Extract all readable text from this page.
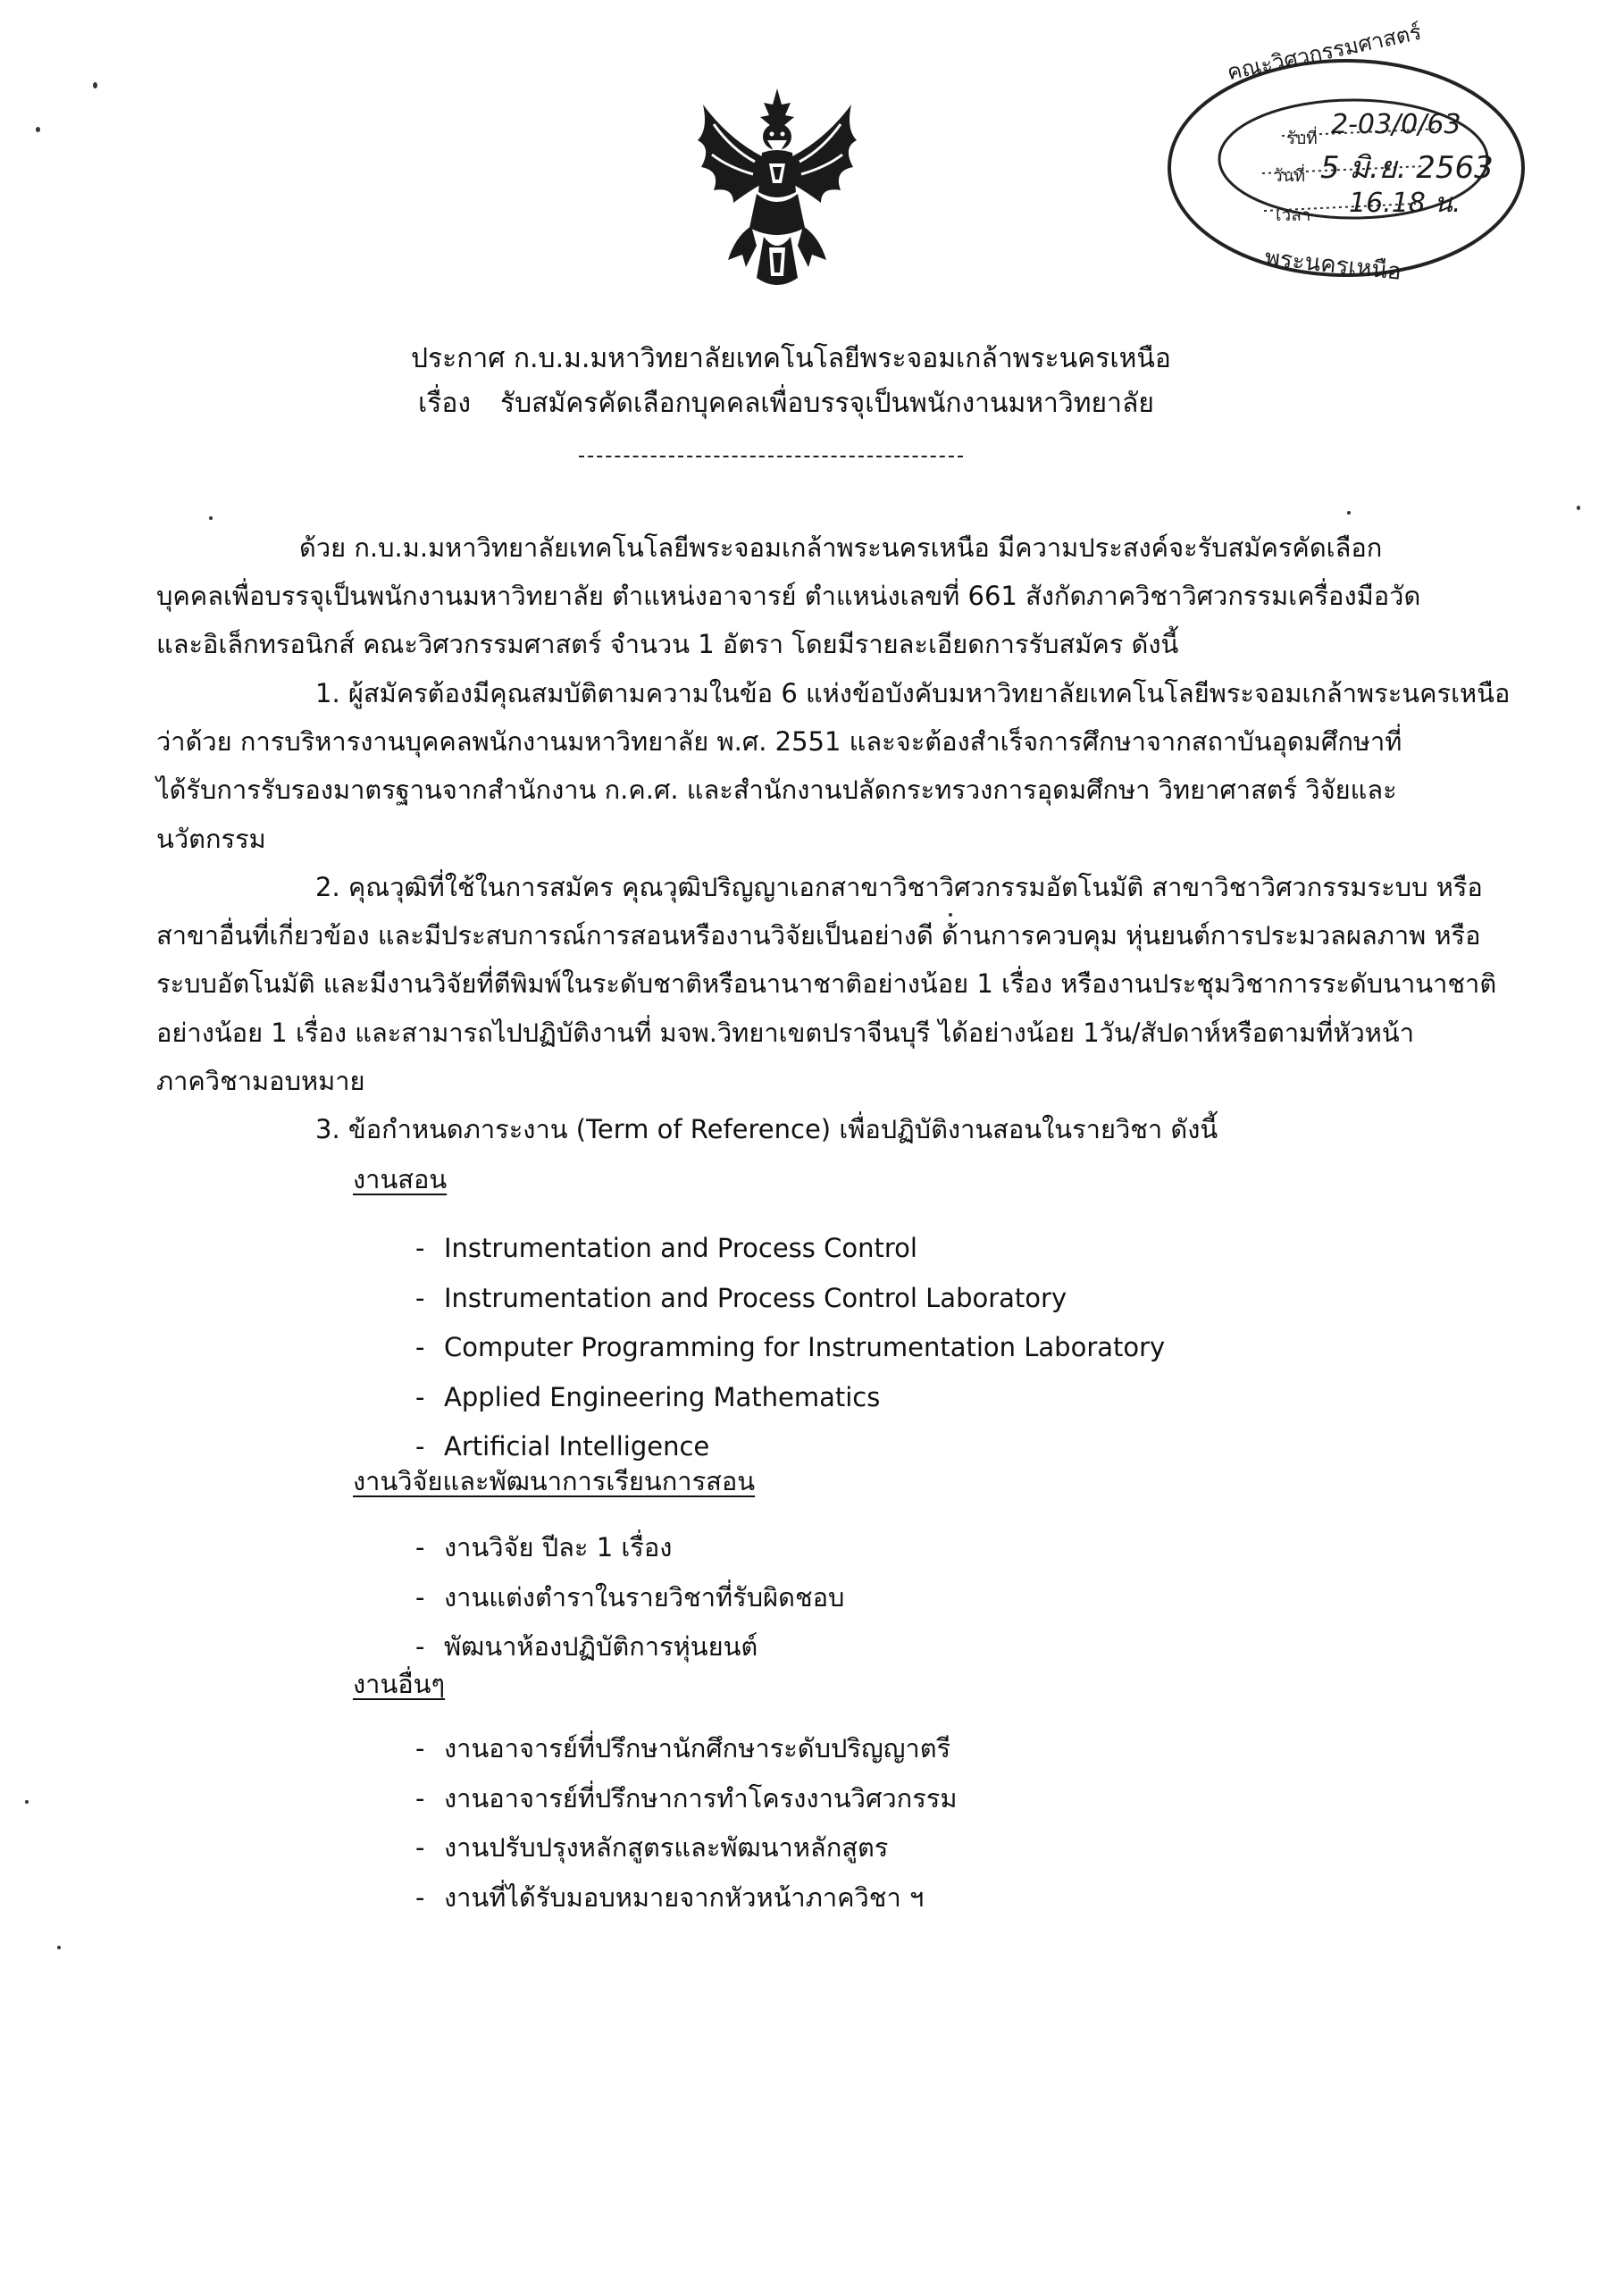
คณะวิศวกรรมศาสตร์
รับที่ 2-03/0/63
วันที่ 5 มิ.ย. 2563
เวลา 16.18 น.
พระนครเหนือ
ประกาศ ก.บ.ม.มหาวิทยาลัยเทคโนโลยีพระจอมเกล้าพระนครเหนือ
เรื่อง รับสมัครคัดเลือกบุคคลเพื่อบรรจุเป็นพนักงานมหาวิทยาลัย
ด้วย ก.บ.ม.มหาวิทยาลัยเทคโนโลยีพระจอมเกล้าพระนครเหนือ มีความประสงค์จะรับสมัครคัดเลือก
บุคคลเพื่อบรรจุเป็นพนักงานมหาวิทยาลัย ตำแหน่งอาจารย์ ตำแหน่งเลขที่ 661 สังกัดภาควิชาวิศวกรรมเครื่องมือวัด
และอิเล็กทรอนิกส์ คณะวิศวกรรมศาสตร์ จำนวน 1 อัตรา โดยมีรายละเอียดการรับสมัคร ดังนี้
1. ผู้สมัครต้องมีคุณสมบัติตามความในข้อ 6 แห่งข้อบังคับมหาวิทยาลัยเทคโนโลยีพระจอมเกล้าพระนครเหนือ
ว่าด้วย การบริหารงานบุคคลพนักงานมหาวิทยาลัย พ.ศ. 2551 และจะต้องสำเร็จการศึกษาจากสถาบันอุดมศึกษาที่
ได้รับการรับรองมาตรฐานจากสำนักงาน ก.ค.ศ. และสำนักงานปลัดกระทรวงการอุดมศึกษา วิทยาศาสตร์ วิจัยและ
นวัตกรรม
2. คุณวุฒิที่ใช้ในการสมัคร คุณวุฒิปริญญาเอกสาขาวิชาวิศวกรรมอัตโนมัติ สาขาวิชาวิศวกรรมระบบ หรือ
สาขาอื่นที่เกี่ยวข้อง และมีประสบการณ์การสอนหรืองานวิจัยเป็นอย่างดี ด้านการควบคุม หุ่นยนต์การประมวลผลภาพ หรือ
ระบบอัตโนมัติ และมีงานวิจัยที่ตีพิมพ์ในระดับชาติหรือนานาชาติอย่างน้อย 1 เรื่อง หรืองานประชุมวิชาการระดับนานาชาติ
อย่างน้อย 1 เรื่อง และสามารถไปปฏิบัติงานที่ มจพ.วิทยาเขตปราจีนบุรี ได้อย่างน้อย 1วัน/สัปดาห์หรือตามที่หัวหน้า
ภาควิชามอบหมาย
3. ข้อกำหนดภาระงาน (Term of Reference) เพื่อปฏิบัติงานสอนในรายวิชา ดังนี้
งานสอน
- Instrumentation and Process Control
- Instrumentation and Process Control Laboratory
- Computer Programming for Instrumentation Laboratory
- Applied Engineering Mathematics
- Artificial Intelligence
งานวิจัยและพัฒนาการเรียนการสอน
- งานวิจัย ปีละ 1 เรื่อง
- งานแต่งตำราในรายวิชาที่รับผิดชอบ
- พัฒนาห้องปฏิบัติการหุ่นยนต์
งานอื่นๆ
- งานอาจารย์ที่ปรึกษานักศึกษาระดับปริญญาตรี
- งานอาจารย์ที่ปรึกษาการทำโครงงานวิศวกรรม
- งานปรับปรุงหลักสูตรและพัฒนาหลักสูตร
- งานที่ได้รับมอบหมายจากหัวหน้าภาควิชา ฯ
